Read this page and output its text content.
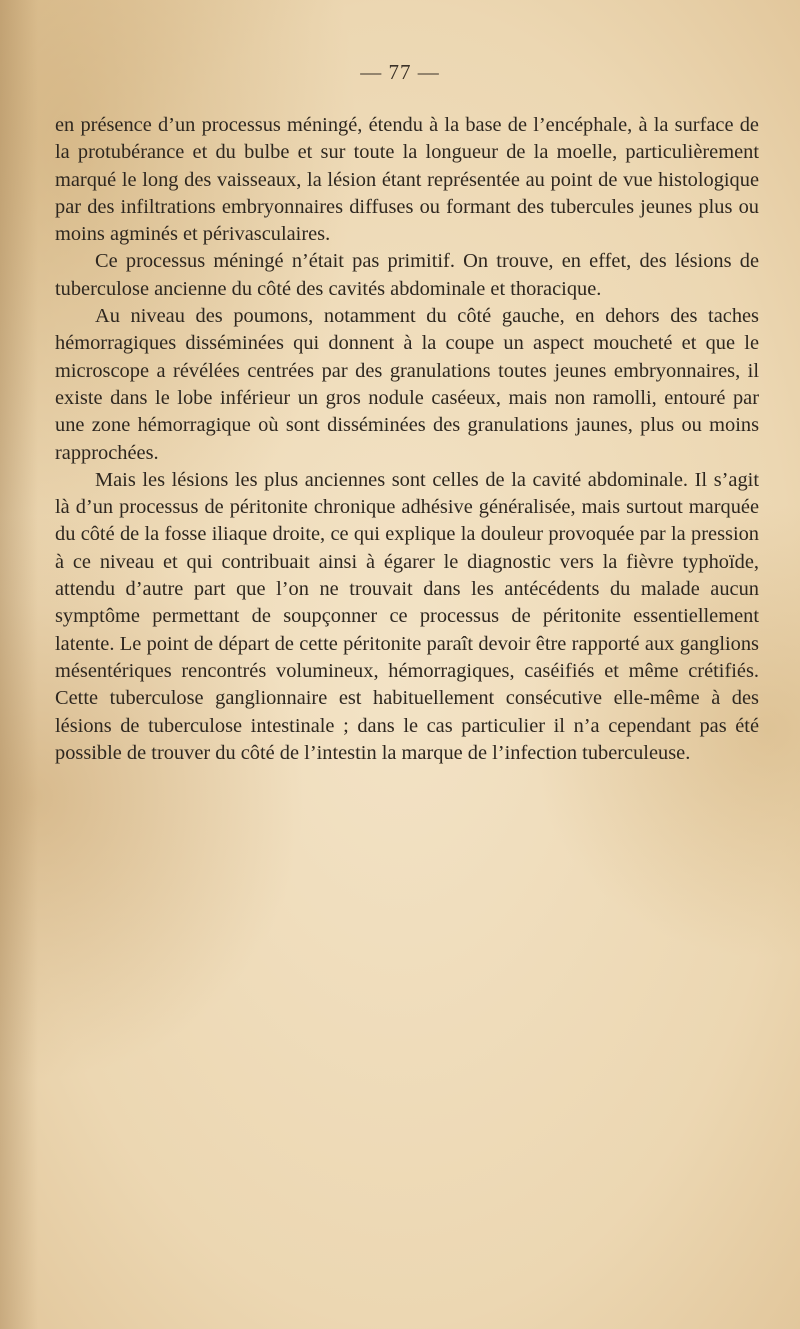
— 77 —

en présence d’un processus méningé, étendu à la base de l’encéphale, à la surface de la protubérance et du bulbe et sur toute la longueur de la moelle, particulièrement marqué le long des vaisseaux, la lésion étant représentée au point de vue histologique par des infiltrations embryonnaires diffuses ou formant des tubercules jeunes plus ou moins agminés et périvasculaires.

Ce processus méningé n’était pas primitif. On trouve, en effet, des lésions de tuberculose ancienne du côté des cavités abdominale et thoracique.

Au niveau des poumons, notamment du côté gauche, en dehors des taches hémorragiques disséminées qui donnent à la coupe un aspect moucheté et que le microscope a révélées centrées par des granulations toutes jeunes embryonnaires, il existe dans le lobe inférieur un gros nodule caséeux, mais non ramolli, entouré par une zone hémorragique où sont disséminées des granulations jaunes, plus ou moins rapprochées.

Mais les lésions les plus anciennes sont celles de la cavité abdominale. Il s’agit là d’un processus de péritonite chronique adhésive généralisée, mais surtout marquée du côté de la fosse iliaque droite, ce qui explique la douleur provoquée par la pression à ce niveau et qui contribuait ainsi à égarer le diagnostic vers la fièvre typhoïde, attendu d’autre part que l’on ne trouvait dans les antécédents du malade aucun symptôme permettant de soupçonner ce processus de péritonite essentiellement latente. Le point de départ de cette péritonite paraît devoir être rapporté aux ganglions mésentériques rencontrés volumineux, hémorragiques, caséifiés et même crétifiés. Cette tuberculose ganglionnaire est habituellement consécutive elle-même à des lésions de tuberculose intestinale ; dans le cas particulier il n’a cependant pas été possible de trouver du côté de l’intestin la marque de l’infection tuberculeuse.
